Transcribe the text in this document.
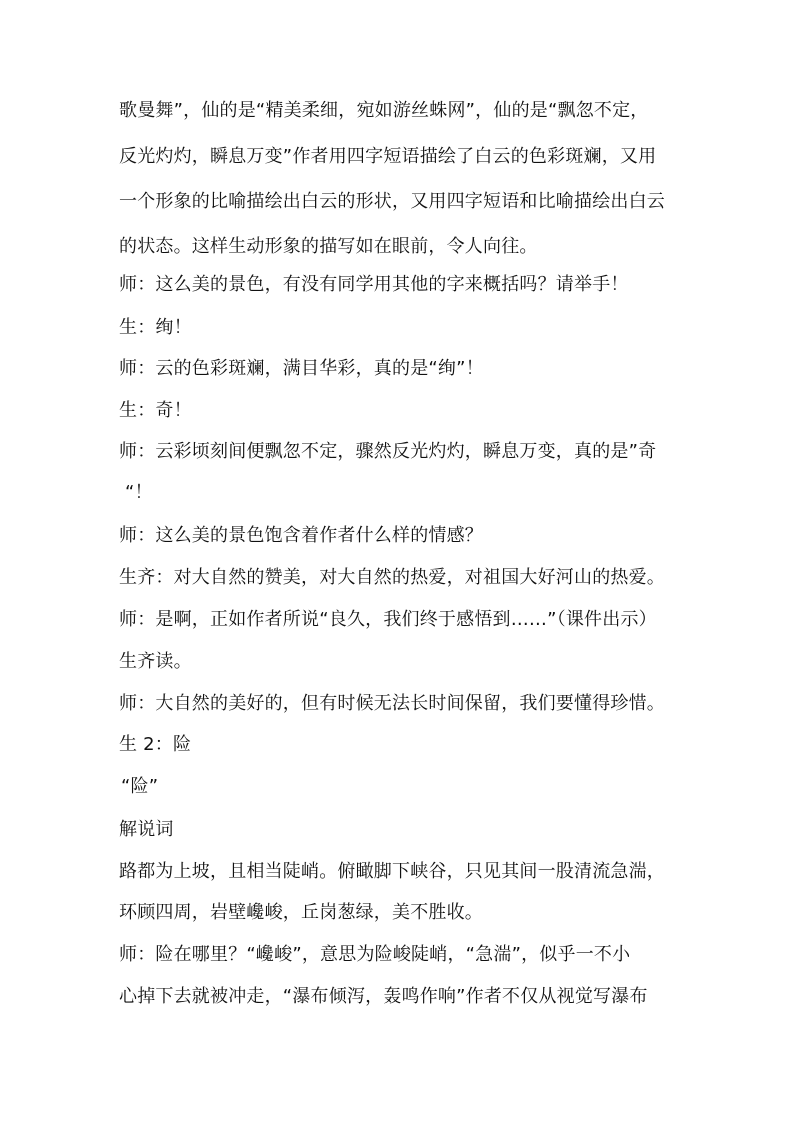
歌曼舞”，仙的是“精美柔细，宛如游丝蛛网”，仙的是“飘忽不定，
反光灼灼，瞬息万变”作者用四字短语描绘了白云的色彩斑斓，又用
一个形象的比喻描绘出白云的形状，又用四字短语和比喻描绘出白云
的状态。这样生动形象的描写如在眼前，令人向往。
师：这么美的景色，有没有同学用其他的字来概括吗？请举手！
生：绚！
师：云的色彩斑斓，满目华彩，真的是“绚”！
生：奇！
师：云彩顷刻间便飘忽不定，骤然反光灼灼，瞬息万变，真的是”奇
“！
师：这么美的景色饱含着作者什么样的情感？
生齐：对大自然的赞美，对大自然的热爱，对祖国大好河山的热爱。
师：是啊，正如作者所说“良久，我们终于感悟到……”（课件出示）
生齐读。
师：大自然的美好的，但有时候无法长时间保留，我们要懂得珍惜。
生 2：险
“险”
解说词
路都为上坡，且相当陡峭。俯瞰脚下峡谷，只见其间一股清流急湍，
环顾四周，岩壁巉峻，丘岗葱绿，美不胜收。
师：险在哪里？“巉峻”，意思为险峻陡峭，“急湍”，似乎一不小
心掉下去就被冲走，“瀑布倾泻，轰鸣作响”作者不仅从视觉写瀑布
